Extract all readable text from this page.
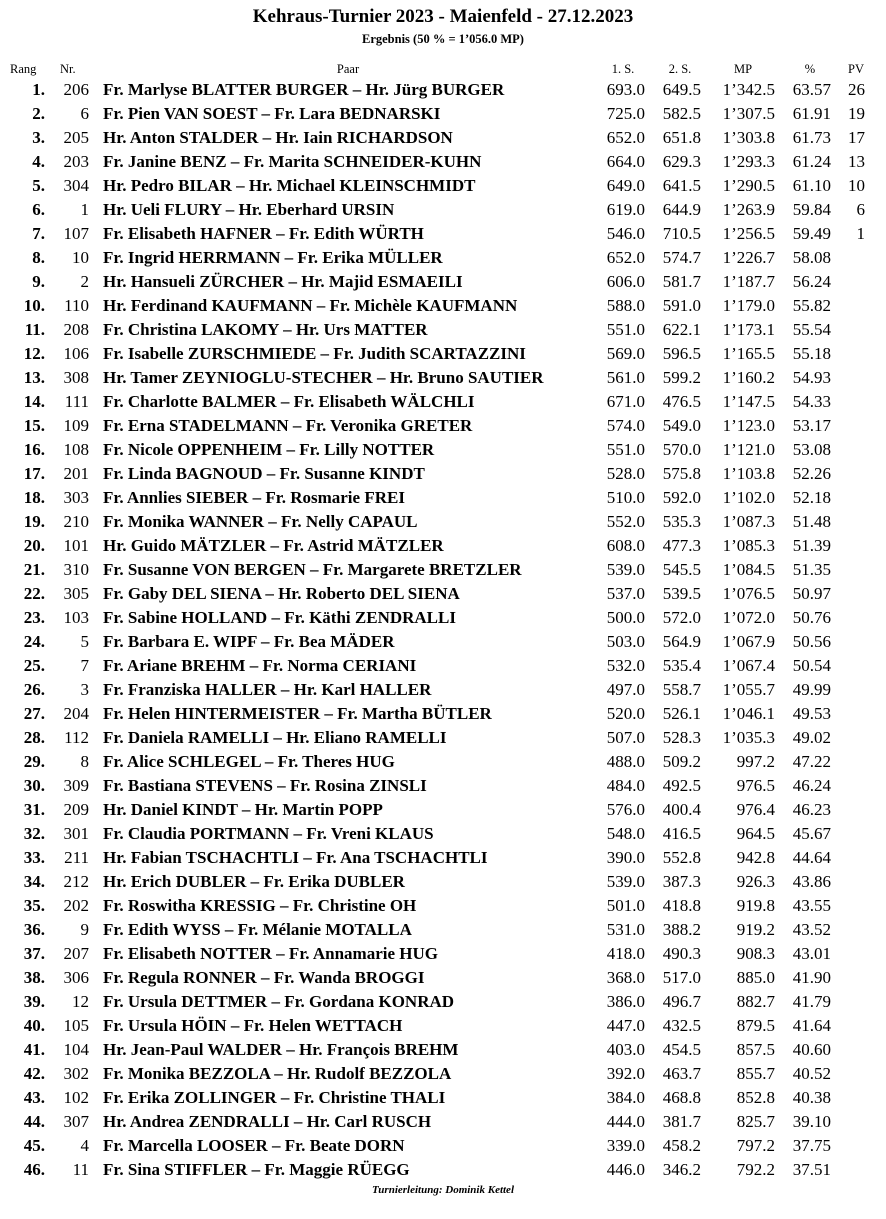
Kehraus-Turnier 2023 - Maienfeld - 27.12.2023
Ergebnis (50 % = 1’056.0 MP)
Rang	Nr.	Paar	1. S.	2. S.	MP	%	PV
1.	206 Fr. Marlyse BLATTER BURGER – Hr. Jürg BURGER	693.0	649.5	1’342.5	63.57	26
2.	6 Fr. Pien VAN SOEST – Fr. Lara BEDNARSKI	725.0	582.5	1’307.5	61.91	19
3.	205 Hr. Anton STALDER – Hr. Iain RICHARDSON	652.0	651.8	1’303.8	61.73	17
4.	203 Fr. Janine BENZ – Fr. Marita SCHNEIDER-KUHN	664.0	629.3	1’293.3	61.24	13
5.	304 Hr. Pedro BILAR – Hr. Michael KLEINSCHMIDT	649.0	641.5	1’290.5	61.10	10
6.	1 Hr. Ueli FLURY – Hr. Eberhard URSIN	619.0	644.9	1’263.9	59.84	6
7.	107 Fr. Elisabeth HAFNER – Fr. Edith WÜRTH	546.0	710.5	1’256.5	59.49	1
8.	10 Fr. Ingrid HERRMANN – Fr. Erika MÜLLER	652.0	574.7	1’226.7	58.08
9.	2 Hr. Hansueli ZÜRCHER – Hr. Majid ESMAEILI	606.0	581.7	1’187.7	56.24
10.	110 Hr. Ferdinand KAUFMANN – Fr. Michèle KAUFMANN	588.0	591.0	1’179.0	55.82
11.	208 Fr. Christina LAKOMY – Hr. Urs MATTER	551.0	622.1	1’173.1	55.54
12.	106 Fr. Isabelle ZURSCHMIEDE – Fr. Judith SCARTAZZINI	569.0	596.5	1’165.5	55.18
13.	308 Hr. Tamer ZEYNIOGLU-STECHER – Hr. Bruno SAUTIER	561.0	599.2	1’160.2	54.93
14.	111 Fr. Charlotte BALMER – Fr. Elisabeth WÄLCHLI	671.0	476.5	1’147.5	54.33
15.	109 Fr. Erna STADELMANN – Fr. Veronika GRETER	574.0	549.0	1’123.0	53.17
16.	108 Fr. Nicole OPPENHEIM – Fr. Lilly NOTTER	551.0	570.0	1’121.0	53.08
17.	201 Fr. Linda BAGNOUD – Fr. Susanne KINDT	528.0	575.8	1’103.8	52.26
18.	303 Fr. Annlies SIEBER – Fr. Rosmarie FREI	510.0	592.0	1’102.0	52.18
19.	210 Fr. Monika WANNER – Fr. Nelly CAPAUL	552.0	535.3	1’087.3	51.48
20.	101 Hr. Guido MÄTZLER – Fr. Astrid MÄTZLER	608.0	477.3	1’085.3	51.39
21.	310 Fr. Susanne VON BERGEN – Fr. Margarete BRETZLER	539.0	545.5	1’084.5	51.35
22.	305 Fr. Gaby DEL SIENA – Hr. Roberto DEL SIENA	537.0	539.5	1’076.5	50.97
23.	103 Fr. Sabine HOLLAND – Fr. Käthi ZENDRALLI	500.0	572.0	1’072.0	50.76
24.	5 Fr. Barbara E. WIPF – Fr. Bea MÄDER	503.0	564.9	1’067.9	50.56
25.	7 Fr. Ariane BREHM – Fr. Norma CERIANI	532.0	535.4	1’067.4	50.54
26.	3 Fr. Franziska HALLER – Hr. Karl HALLER	497.0	558.7	1’055.7	49.99
27.	204 Fr. Helen HINTERMEISTER – Fr. Martha BÜTLER	520.0	526.1	1’046.1	49.53
28.	112 Fr. Daniela RAMELLI – Hr. Eliano RAMELLI	507.0	528.3	1’035.3	49.02
29.	8 Fr. Alice SCHLEGEL – Fr. Theres HUG	488.0	509.2	997.2	47.22
30.	309 Fr. Bastiana STEVENS – Fr. Rosina ZINSLI	484.0	492.5	976.5	46.24
31.	209 Hr. Daniel KINDT – Hr. Martin POPP	576.0	400.4	976.4	46.23
32.	301 Fr. Claudia PORTMANN – Fr. Vreni KLAUS	548.0	416.5	964.5	45.67
33.	211 Hr. Fabian TSCHACHTLI – Fr. Ana TSCHACHTLI	390.0	552.8	942.8	44.64
34.	212 Hr. Erich DUBLER – Fr. Erika DUBLER	539.0	387.3	926.3	43.86
35.	202 Fr. Roswitha KRESSIG – Fr. Christine OH	501.0	418.8	919.8	43.55
36.	9 Fr. Edith WYSS – Fr. Mélanie MOTALLA	531.0	388.2	919.2	43.52
37.	207 Fr. Elisabeth NOTTER – Fr. Annamarie HUG	418.0	490.3	908.3	43.01
38.	306 Fr. Regula RONNER – Fr. Wanda BROGGI	368.0	517.0	885.0	41.90
39.	12 Fr. Ursula DETTMER – Fr. Gordana KONRAD	386.0	496.7	882.7	41.79
40.	105 Fr. Ursula HÖIN – Fr. Helen WETTACH	447.0	432.5	879.5	41.64
41.	104 Hr. Jean-Paul WALDER – Hr. François BREHM	403.0	454.5	857.5	40.60
42.	302 Fr. Monika BEZZOLA – Hr. Rudolf BEZZOLA	392.0	463.7	855.7	40.52
43.	102 Fr. Erika ZOLLINGER – Fr. Christine THALI	384.0	468.8	852.8	40.38
44.	307 Hr. Andrea ZENDRALLI – Hr. Carl RUSCH	444.0	381.7	825.7	39.10
45.	4 Fr. Marcella LOOSER – Fr. Beate DORN	339.0	458.2	797.2	37.75
46.	11 Fr. Sina STIFFLER – Fr. Maggie RÜEGG	446.0	346.2	792.2	37.51
Turnierleitung: Dominik Kettel
